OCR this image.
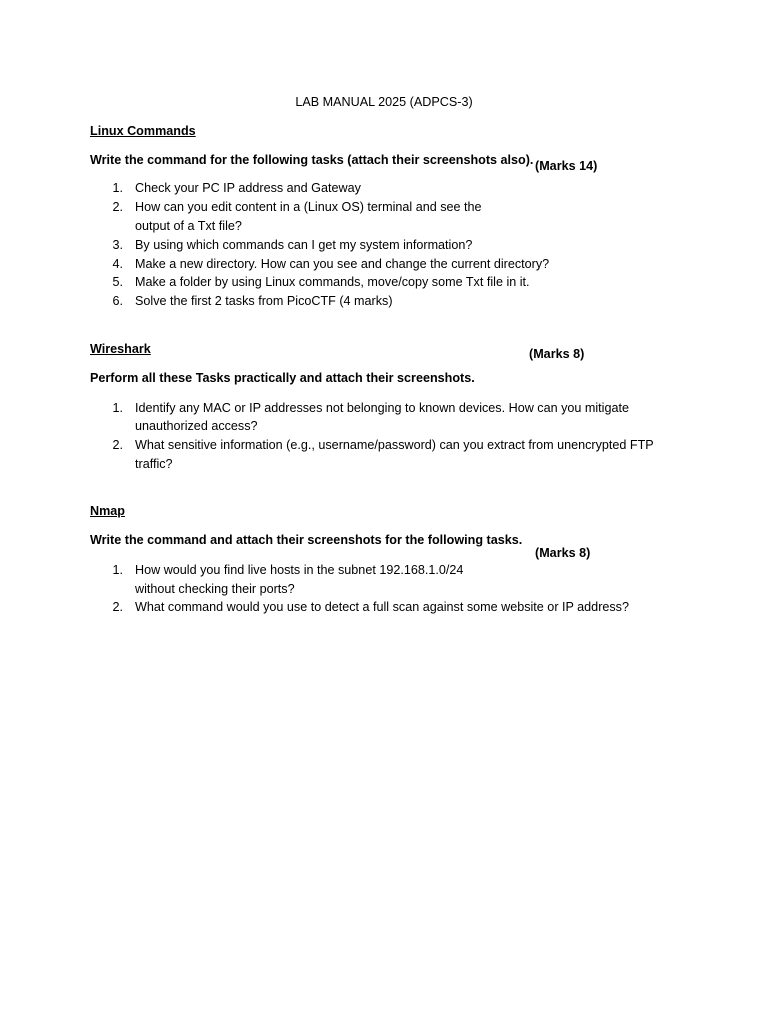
LAB MANUAL 2025 (ADPCS-3)
Linux Commands
Write the command for the following tasks (attach their screenshots also). (Marks 14)
1. Check your PC IP address and Gateway
2. How can you edit content in a (Linux OS) terminal and see the
output of a Txt file?
3. By using which commands can I get my system information?
4. Make a new directory. How can you see and change the current directory?
5. Make a folder by using Linux commands, move/copy some Txt file in it.
6. Solve the first 2 tasks from PicoCTF (4 marks)
Wireshark	(Marks 8)
Perform all these Tasks practically and attach their screenshots.
1. Identify any MAC or IP addresses not belonging to known devices. How can you mitigate
unauthorized access?
2. What sensitive information (e.g., username/password) can you extract from unencrypted FTP
traffic?
Nmap
Write the command and attach their screenshots for the following tasks.
(Marks 8)
1. How would you find live hosts in the subnet 192.168.1.0/24
without checking their ports?
2. What command would you use to detect a full scan against some website or IP address?
